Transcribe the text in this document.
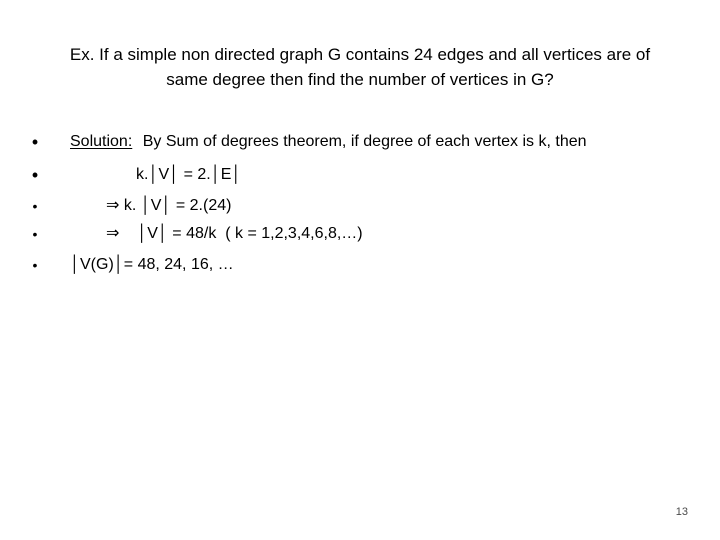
Ex. If a simple non directed graph G contains 24 edges and all vertices are of
same degree then find the number of vertices in G?
• Solution: By Sum of degrees theorem, if degree of each vertex is k, then
•	k.│V│ = 2.│E│
•	⇒ k. │V│ = 2.(24)
•	⇒    │V│ = 48/k  ( k = 1,2,3,4,6,8,…)
• │V(G)│= 48, 24, 16, …
13
